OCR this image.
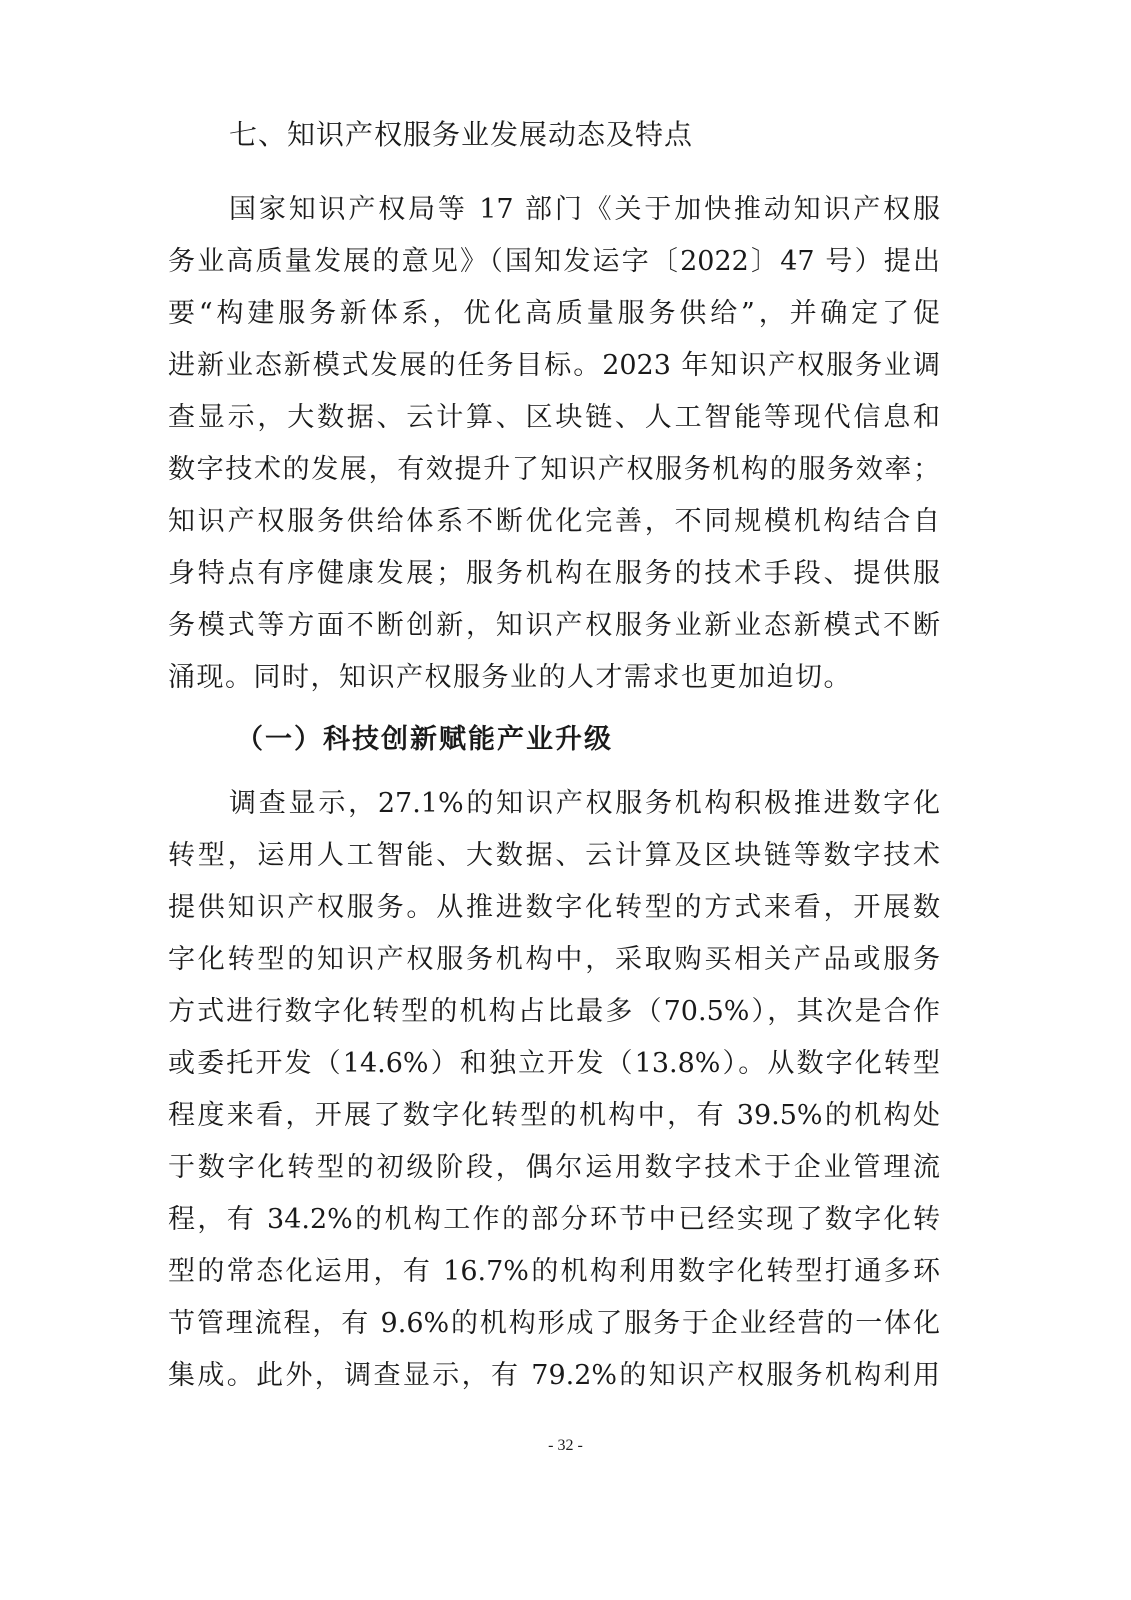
七、知识产权服务业发展动态及特点
国家知识产权局等 17 部门《关于加快推动知识产权服
务业高质量发展的意见》（国知发运字〔2022〕47 号）提出
要“构建服务新体系，优化高质量服务供给”，并确定了促
进新业态新模式发展的任务目标。2023 年知识产权服务业调
查显示，大数据、云计算、区块链、人工智能等现代信息和
数字技术的发展，有效提升了知识产权服务机构的服务效率；
知识产权服务供给体系不断优化完善，不同规模机构结合自
身特点有序健康发展；服务机构在服务的技术手段、提供服
务模式等方面不断创新，知识产权服务业新业态新模式不断
涌现。同时，知识产权服务业的人才需求也更加迫切。
（一）科技创新赋能产业升级
调查显示，27.1%的知识产权服务机构积极推进数字化
转型，运用人工智能、大数据、云计算及区块链等数字技术
提供知识产权服务。从推进数字化转型的方式来看，开展数
字化转型的知识产权服务机构中，采取购买相关产品或服务
方式进行数字化转型的机构占比最多（70.5%），其次是合作
或委托开发（14.6%）和独立开发（13.8%）。从数字化转型
程度来看，开展了数字化转型的机构中，有 39.5%的机构处
于数字化转型的初级阶段，偶尔运用数字技术于企业管理流
程，有 34.2%的机构工作的部分环节中已经实现了数字化转
型的常态化运用，有 16.7%的机构利用数字化转型打通多环
节管理流程，有 9.6%的机构形成了服务于企业经营的一体化
集成。此外，调查显示，有 79.2%的知识产权服务机构利用
- 32 -
